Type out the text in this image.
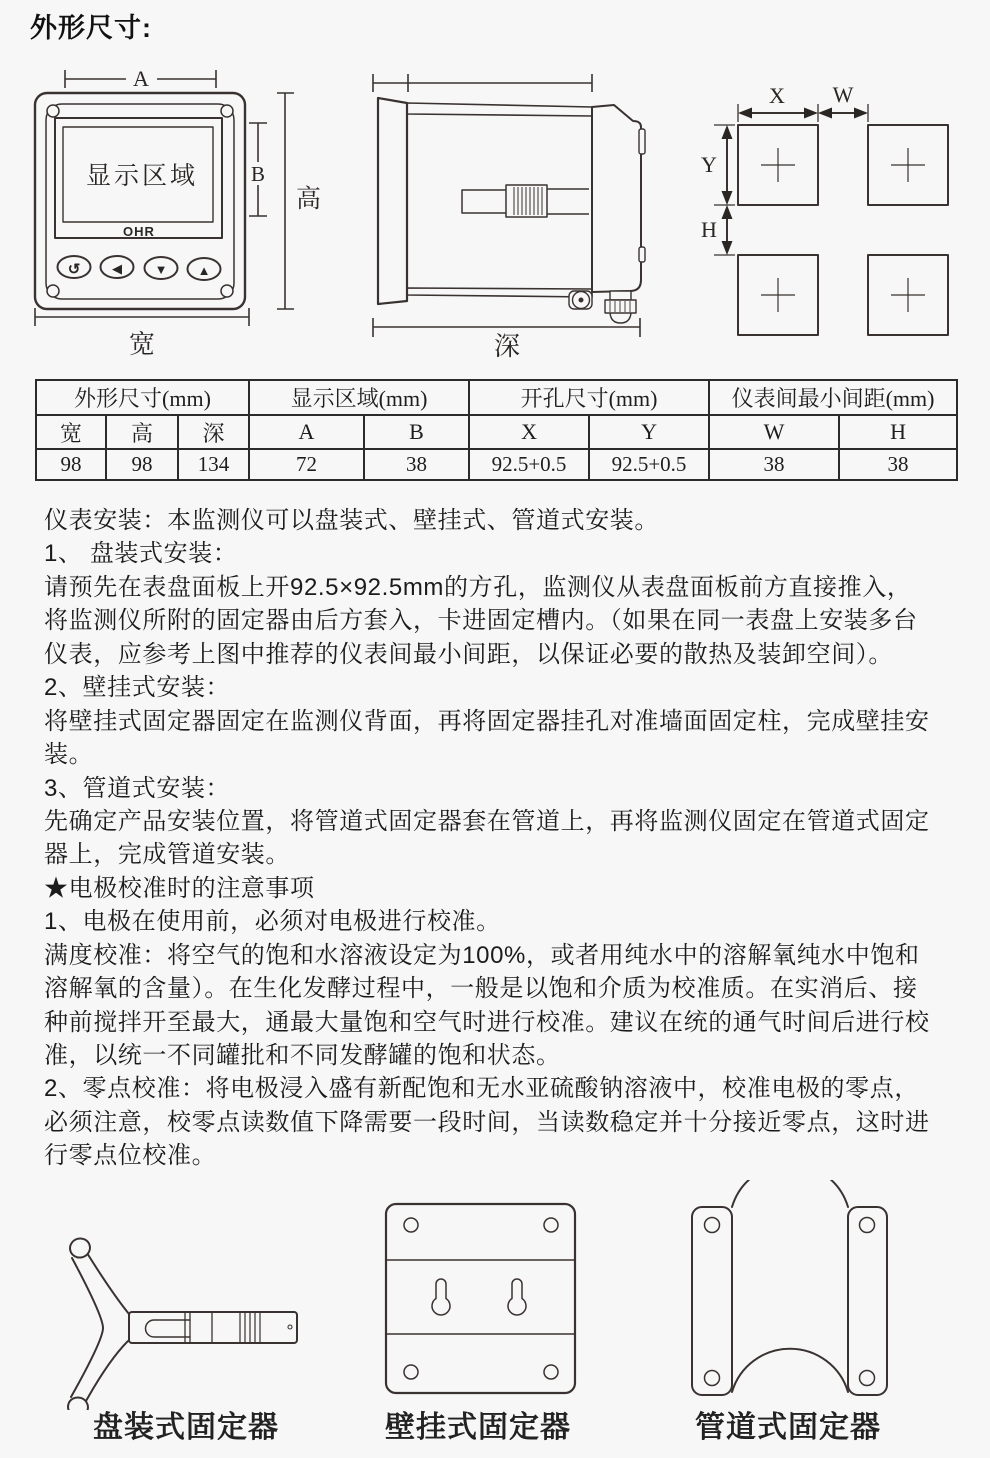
外形尺寸:
显示区域
OHR
↺ ◀	▼ ▲
A
B
高
宽	深
X W
Y
H
外形尺寸(mm)			显示区域(mm)		开孔尺寸(mm)		仪表间最小间距(mm)	
宽	高	深	A	B	X	Y	W	H
98	98	134	72	38	92.5+0.5	92.5+0.5	38	38
仪表安装：本监测仪可以盘装式、壁挂式、管道式安装。
1、 盘装式安装：
请预先在表盘面板上开92.5×92.5mm的方孔，监测仪从表盘面板前方直接推入，
将监测仪所附的固定器由后方套入，卡进固定槽内。（如果在同一表盘上安装多台
仪表，应参考上图中推荐的仪表间最小间距，以保证必要的散热及装卸空间）。
2、壁挂式安装：
将壁挂式固定器固定在监测仪背面，再将固定器挂孔对准墙面固定柱，完成壁挂安
装。
3、管道式安装：
先确定产品安装位置，将管道式固定器套在管道上，再将监测仪固定在管道式固定
器上，完成管道安装。
★电极校准时的注意事项
1、电极在使用前，必须对电极进行校准。
满度校准：将空气的饱和水溶液设定为100%，或者用纯水中的溶解氧纯水中饱和
溶解氧的含量）。在生化发酵过程中，一般是以饱和介质为校准质。在实消后、接
种前搅拌开至最大，通最大量饱和空气时进行校准。建议在统的通气时间后进行校
准，以统一不同罐批和不同发酵罐的饱和状态。
2、零点校准：将电极浸入盛有新配饱和无水亚硫酸钠溶液中，校准电极的零点，
必须注意，校零点读数值下降需要一段时间，当读数稳定并十分接近零点，这时进
行零点位校准。
盘装式固定器	壁挂式固定器	管道式固定器
